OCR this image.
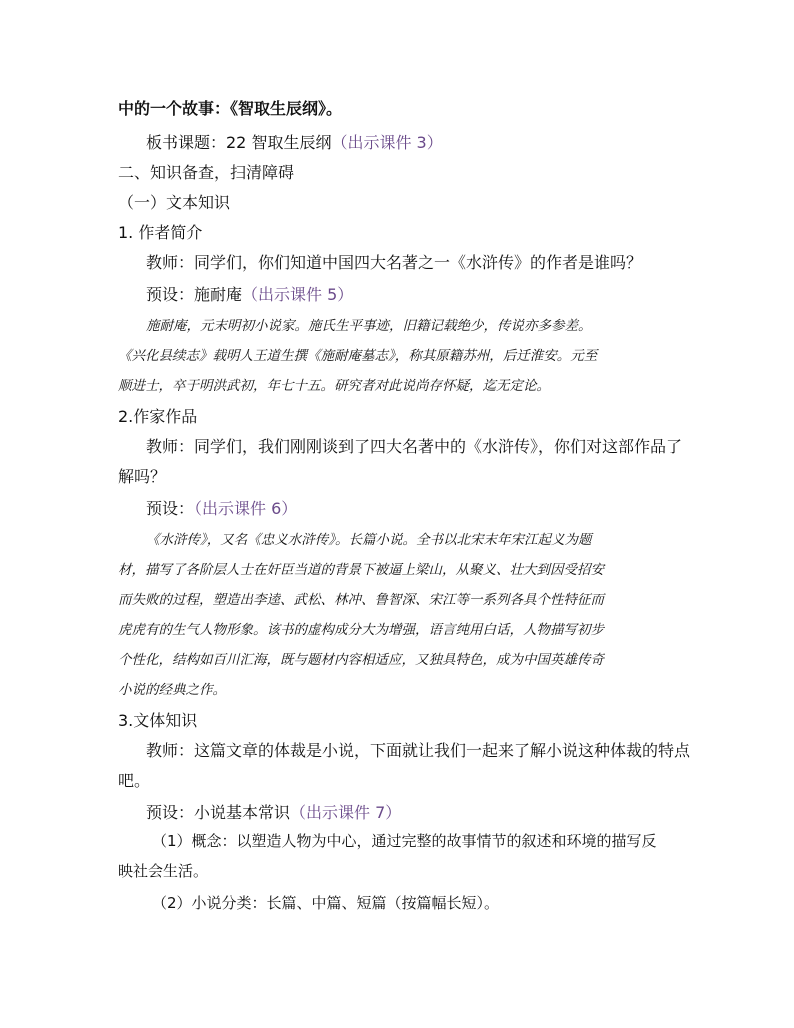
中的一个故事：《智取生辰纲》。
板书课题：22 智取生辰纲（出示课件 3）
二、知识备查，扫清障碍
（一）文本知识
1. 作者简介
教师：同学们，你们知道中国四大名著之一《水浒传》的作者是谁吗？
预设：施耐庵（出示课件 5）
施耐庵，元末明初小说家。施氏生平事迹，旧籍记载绝少，传说亦多参差。
《兴化县续志》载明人王道生撰《施耐庵墓志》，称其原籍苏州，后迁淮安。元至
顺进士，卒于明洪武初，年七十五。研究者对此说尚存怀疑，迄无定论。
2.作家作品
教师：同学们，我们刚刚谈到了四大名著中的《水浒传》，你们对这部作品了
解吗？
预设：（出示课件 6）
《水浒传》，又名《忠义水浒传》。长篇小说。全书以北宋末年宋江起义为题
材，描写了各阶层人士在奸臣当道的背景下被逼上梁山，从聚义、壮大到因受招安
而失败的过程，塑造出李逵、武松、林冲、鲁智深、宋江等一系列各具个性特征而
虎虎有的生气人物形象。该书的虚构成分大为增强，语言纯用白话，人物描写初步
个性化，结构如百川汇海，既与题材内容相适应，又独具特色，成为中国英雄传奇
小说的经典之作。
3.文体知识
教师：这篇文章的体裁是小说，下面就让我们一起来了解小说这种体裁的特点
吧。
预设：小说基本常识（出示课件 7）
（1）概念：以塑造人物为中心，通过完整的故事情节的叙述和环境的描写反
映社会生活。
（2）小说分类：长篇、中篇、短篇（按篇幅长短）。
